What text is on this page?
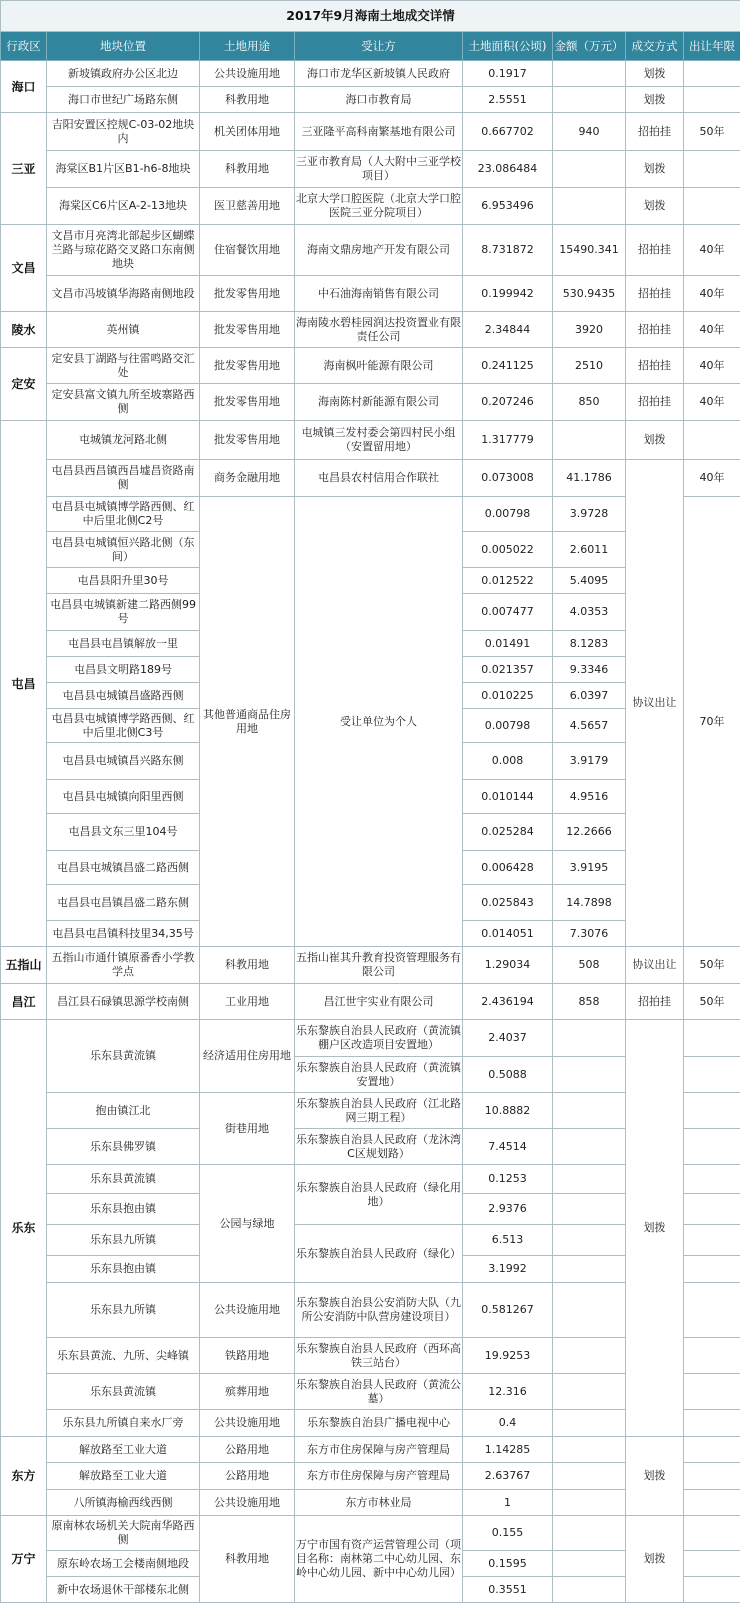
2017年9月海南土地成交详情							
行政区	地块位置	土地用途	受让方	土地面积(公顷)	金额（万元）	成交方式	出让年限
海口	新坡镇政府办公区北边	公共设施用地	海口市龙华区新坡镇人民政府	0.1917		划拨	
	海口市世纪广场路东侧	科教用地	海口市教育局	2.5551		划拨	
三亚	吉阳安置区控规C-03-02地块内	机关团体用地	三亚隆平高科南繁基地有限公司	0.667702	940	招拍挂	50年
	海棠区B1片区B1-h6-8地块	科教用地	三亚市教育局（人大附中三亚学校项目）	23.086484		划拨	
	海棠区C6片区A-2-13地块	医卫慈善用地	北京大学口腔医院（北京大学口腔医院三亚分院项目）	6.953496		划拨	
文昌	文昌市月亮湾北部起步区蝴蝶兰路与琼花路交叉路口东南侧地块	住宿餐饮用地	海南文鼎房地产开发有限公司	8.731872	15490.341	招拍挂	40年
	文昌市冯坡镇华海路南侧地段	批发零售用地	中石油海南销售有限公司	0.199942	530.9435	招拍挂	40年
陵水	英州镇	批发零售用地	海南陵水碧桂园润达投资置业有限责任公司	2.34844	3920	招拍挂	40年
定安	定安县丁湖路与往雷鸣路交汇处	批发零售用地	海南枫叶能源有限公司	0.241125	2510	招拍挂	40年
	定安县富文镇九所至坡寨路西侧	批发零售用地	海南陈村新能源有限公司	0.207246	850	招拍挂	40年
屯昌	屯城镇龙河路北侧	批发零售用地	屯城镇三发村委会第四村民小组（安置留用地）	1.317779		划拨	
	屯昌县西昌镇西昌墟昌资路南侧	商务金融用地	屯昌县农村信用合作联社	0.073008	41.1786	协议出让	40年
	屯昌县屯城镇博学路西侧、红中后里北侧C2号	其他普通商品住房用地	受让单位为个人	0.00798	3.9728		70年
	屯昌县屯城镇恒兴路北侧（东间）			0.005022	2.6011		
	屯昌县阳升里30号			0.012522	5.4095		
	屯昌县屯城镇新建二路西侧99号			0.007477	4.0353		
	屯昌县屯昌镇解放一里			0.01491	8.1283		
	屯昌县文明路189号			0.021357	9.3346		
	屯昌县屯城镇昌盛路西侧			0.010225	6.0397		
	屯昌县屯城镇博学路西侧、红中后里北侧C3号			0.00798	4.5657		
	屯昌县屯城镇昌兴路东侧			0.008	3.9179		
	屯昌县屯城镇向阳里西侧			0.010144	4.9516		
	屯昌县文东三里104号			0.025284	12.2666		
	屯昌县屯城镇昌盛二路西侧			0.006428	3.9195		
	屯昌县屯昌镇昌盛二路东侧			0.025843	14.7898		
	屯昌县屯昌镇科技里34,35号			0.014051	7.3076		
五指山	五指山市通什镇原番香小学教学点	科教用地	五指山崔其升教育投资管理服务有限公司	1.29034	508	协议出让	50年
昌江	昌江县石碌镇思源学校南侧	工业用地	昌江世宇实业有限公司	2.436194	858	招拍挂	50年
乐东	乐东县黄流镇	经济适用住房用地	乐东黎族自治县人民政府（黄流镇棚户区改造项目安置地）	2.4037		划拨	
			乐东黎族自治县人民政府（黄流镇安置地）	0.5088			
	抱由镇江北	街巷用地	乐东黎族自治县人民政府（江北路网三期工程）	10.8882			
	乐东县佛罗镇		乐东黎族自治县人民政府（龙沐湾C区规划路）	7.4514			
	乐东县黄流镇	公园与绿地	乐东黎族自治县人民政府（绿化用地）	0.1253			
	乐东县抱由镇			2.9376			
	乐东县九所镇		乐东黎族自治县人民政府（绿化）	6.513			
	乐东县抱由镇			3.1992			
	乐东县九所镇	公共设施用地	乐东黎族自治县公安消防大队（九所公安消防中队营房建设项目）	0.581267			
	乐东县黄流、九所、尖峰镇	铁路用地	乐东黎族自治县人民政府（西环高铁三站台）	19.9253			
	乐东县黄流镇	殡葬用地	乐东黎族自治县人民政府（黄流公墓）	12.316			
	乐东县九所镇自来水厂旁	公共设施用地	乐东黎族自治县广播电视中心	0.4			
东方	解放路至工业大道	公路用地	东方市住房保障与房产管理局	1.14285		划拨	
	解放路至工业大道	公路用地	东方市住房保障与房产管理局	2.63767			
	八所镇海榆西线西侧	公共设施用地	东方市林业局	1			
万宁	原南林农场机关大院南华路西侧	科教用地	万宁市国有资产运营管理公司（项目名称：南林第二中心幼儿园、东岭中心幼儿园、新中中心幼儿园）	0.155		划拨	
	原东岭农场工会楼南侧地段			0.1595			
	新中农场退休干部楼东北侧			0.3551			
